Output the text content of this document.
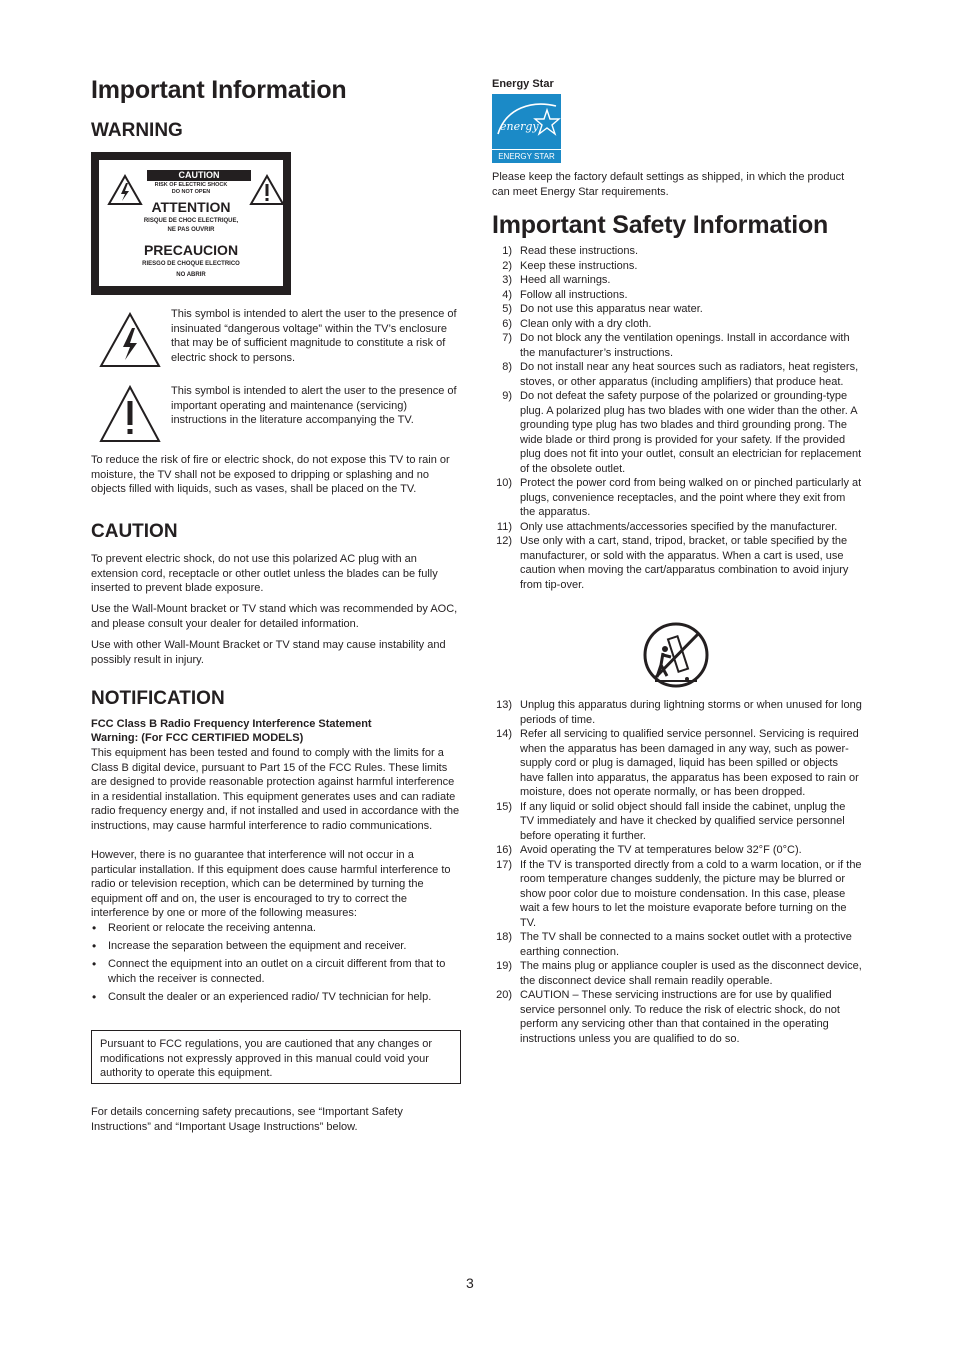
Important Information
WARNING
CAUTION
RISK OF ELECTRIC SHOCK
DO NOT OPEN
ATTENTION
RISQUE DE CHOC ELECTRIQUE,
NE PAS OUVRIR
PRECAUCION
RIESGO DE CHOQUE ELECTRICO
NO ABRIR
This symbol is intended to alert the user to the presence of insinuated “dangerous voltage” within the TV’s enclosure that may be of sufficient magnitude to constitute a risk of electric shock to persons.
This symbol is intended to alert the user to the presence of important operating and maintenance (servicing) instructions in the literature accompanying the TV.

To reduce the risk of fire or electric shock, do not expose this TV to rain or moisture, the TV shall not be exposed to dripping or splashing and no objects filled with liquids, such as vases, shall be placed on the TV.

CAUTION

To prevent electric shock, do not use this polarized AC plug with an extension cord, receptacle or other outlet unless the blades can be fully inserted to prevent blade exposure.

Use the Wall-Mount bracket or TV stand which was recommended by AOC, and please consult your dealer for detailed information.

Use with other Wall-Mount Bracket or TV stand may cause instability and possibly result in injury.

NOTIFICATION

FCC Class B Radio Frequency Interference Statement

Warning: (For FCC CERTIFIED MODELS)

This equipment has been tested and found to comply with the limits for a Class B digital device, pursuant to Part 15 of the FCC Rules. These limits are designed to provide reasonable protection against harmful interference in a residential installation. This equipment generates uses and can radiate radio frequency energy and, if not installed and used in accordance with the instructions, may cause harmful interference to radio communications.

However, there is no guarantee that interference will not occur in a particular installation. If this equipment does cause harmful interference to radio or television reception, which can be determined by turning the equipment off and on, the user is encouraged to try to correct the interference by one or more of the following measures:

• Reorient or relocate the receiving antenna.
• Increase the separation between the equipment and receiver.
• Connect the equipment into an outlet on a circuit different from that to which the receiver is connected.
• Consult the dealer or an experienced radio/ TV technician for help.

Pursuant to FCC regulations, you are cautioned that any changes or modifications not expressly approved in this manual could void your authority to operate this equipment.

For details concerning safety precautions, see “Important Safety Instructions” and “Important Usage Instructions” below.

Energy Star

energy
ENERGY STAR

Please keep the factory default settings as shipped, in which the product can meet Energy Star requirements.

Important Safety Information
1) Read these instructions.
2) Keep these instructions.
3) Heed all warnings.
4) Follow all instructions.
5) Do not use this apparatus near water.
6) Clean only with a dry cloth.
7) Do not block any the ventilation openings. Install in accordance with the manufacturer’s instructions.
8) Do not install near any heat sources such as radiators, heat registers, stoves, or other apparatus (including amplifiers) that produce heat.
9) Do not defeat the safety purpose of the polarized or grounding-type plug. A polarized plug has two blades with one wider than the other. A grounding type plug has two blades and third grounding prong. The wide blade or third prong is provided for your safety. If the provided plug does not fit into your outlet, consult an electrician for replacement of the obsolete outlet.
10) Protect the power cord from being walked on or pinched particularly at plugs, convenience receptacles, and the point where they exit from the apparatus.
11) Only use attachments/accessories specified by the manufacturer.
12) Use only with a cart, stand, tripod, bracket, or table specified by the manufacturer, or sold with the apparatus. When a cart is used, use caution when moving the cart/apparatus combination to avoid injury from tip-over.
13) Unplug this apparatus during lightning storms or when unused for long periods of time.
14) Refer all servicing to qualified service personnel. Servicing is required when the apparatus has been damaged in any way, such as power-supply cord or plug is damaged, liquid has been spilled or objects have fallen into apparatus, the apparatus has been exposed to rain or moisture, does not operate normally, or has been dropped.
15) If any liquid or solid object should fall inside the cabinet, unplug the TV immediately and have it checked by qualified service personnel before operating it further.
16) Avoid operating the TV at temperatures below 32°F (0°C).
17) If the TV is transported directly from a cold to a warm location, or if the room temperature changes suddenly, the picture may be blurred or show poor color due to moisture condensation. In this case, please wait a few hours to let the moisture evaporate before turning on the TV.
18) The TV shall be connected to a mains socket outlet with a protective earthing connection.
19) The mains plug or appliance coupler is used as the disconnect device, the disconnect device shall remain readily operable.
20) CAUTION – These servicing instructions are for use by qualified service personnel only. To reduce the risk of electric shock, do not perform any servicing other than that contained in the operating instructions unless you are qualified to do so.
3
